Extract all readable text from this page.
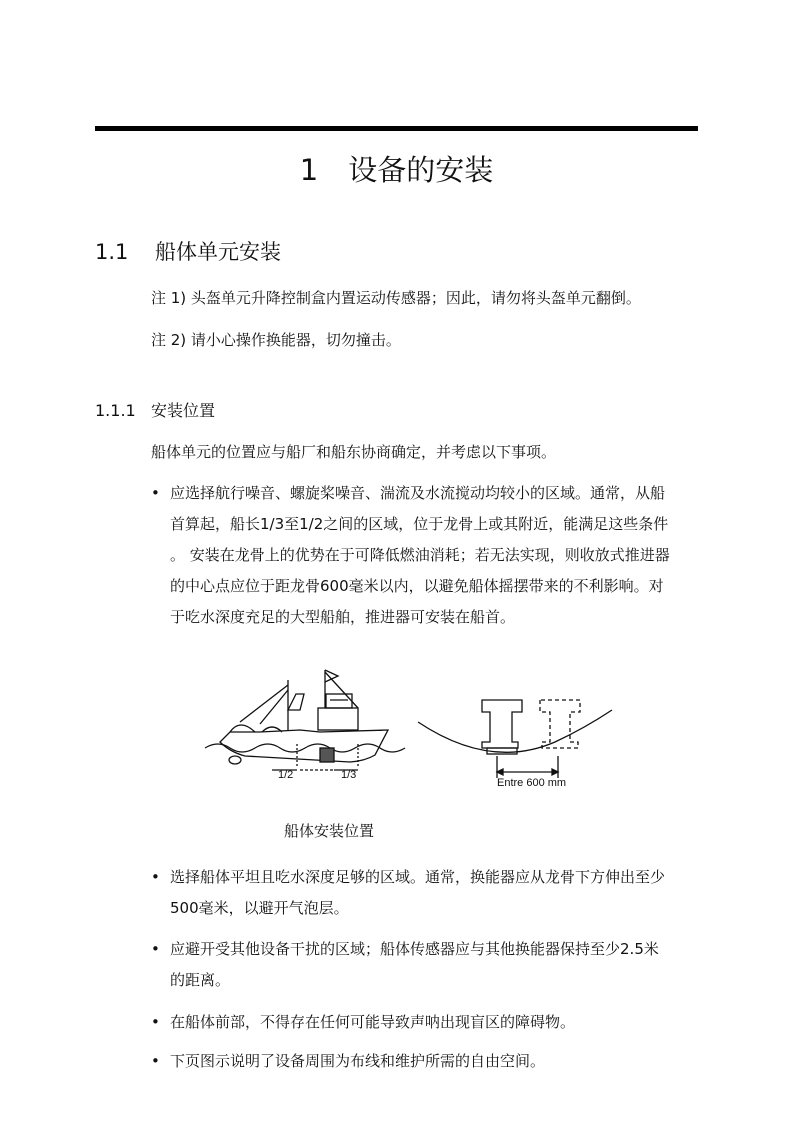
1 设备的安装
1.1 船体单元安装
注 1) 头盔单元升降控制盒内置运动传感器；因此，请勿将头盔单元翻倒。
注 2) 请小心操作换能器，切勿撞击。
1.1.1 安装位置
船体单元的位置应与船厂和船东协商确定，并考虑以下事项。
• 应选择航行噪音、螺旋桨噪音、湍流及水流搅动均较小的区域。通常，从船
首算起，船长1/3至1/2之间的区域，位于龙骨上或其附近，能满足这些条件
。 安装在龙骨上的优势在于可降低燃油消耗；若无法实现，则收放式推进器
的中心点应位于距龙骨600毫米以内，以避免船体摇摆带来的不利影响。对
于吃水深度充足的大型船舶，推进器可安装在船首。
1/2	1/3
Entre 600 mm
船体安装位置
• 选择船体平坦且吃水深度足够的区域。通常，换能器应从龙骨下方伸出至少
500毫米，以避开气泡层。
• 应避开受其他设备干扰的区域；船体传感器应与其他换能器保持至少2.5米
的距离。
• 在船体前部，不得存在任何可能导致声呐出现盲区的障碍物。
• 下页图示说明了设备周围为布线和维护所需的自由空间。
